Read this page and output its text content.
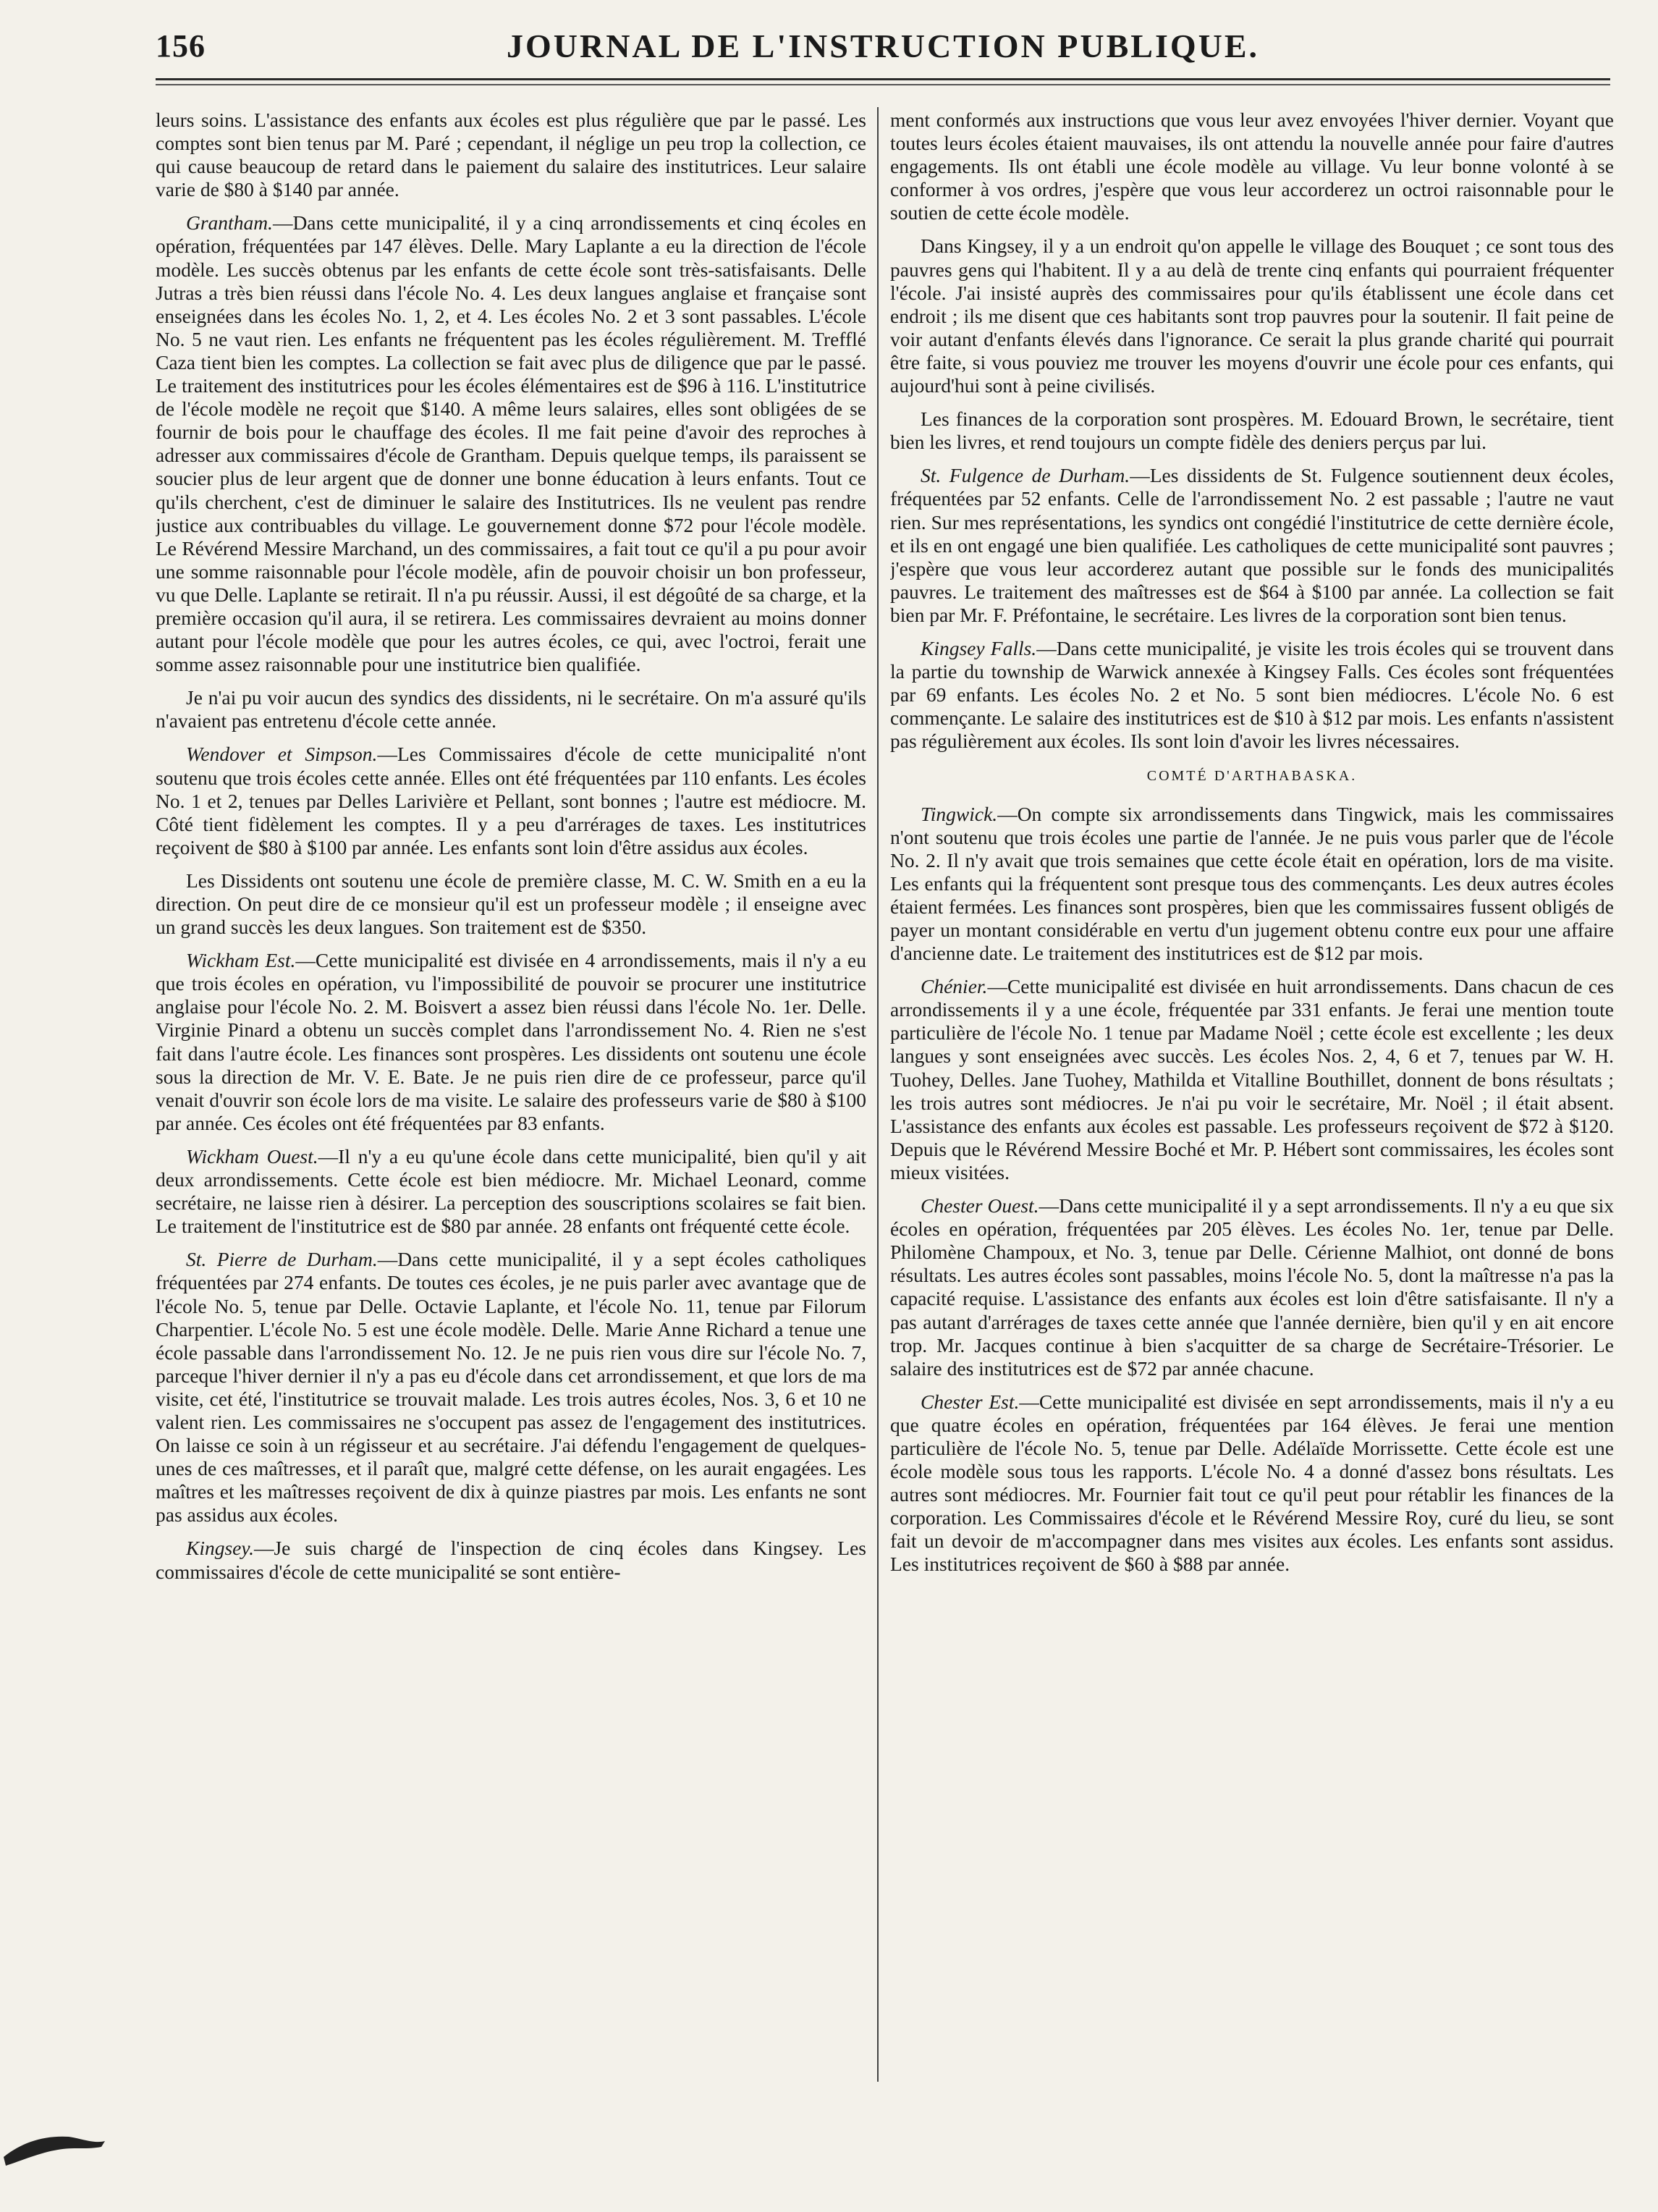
156	JOURNAL DE L'INSTRUCTION PUBLIQUE.

leurs soins. L'assistance des enfants aux écoles est plus régulière que par le passé. Les comptes sont bien tenus par M. Paré ; cependant, il néglige un peu trop la collection, ce qui cause beaucoup de retard dans le paiement du salaire des institutrices. Leur salaire varie de $80 à $140 par année.

Grantham.—Dans cette municipalité, il y a cinq arrondissements et cinq écoles en opération, fréquentées par 147 élèves. Delle. Mary Laplante a eu la direction de l'école modèle. Les succès obtenus par les enfants de cette école sont très-satisfaisants. Delle Jutras a très bien réussi dans l'école No. 4. Les deux langues anglaise et française sont enseignées dans les écoles No. 1, 2, et 4. Les écoles No. 2 et 3 sont passables. L'école No. 5 ne vaut rien. Les enfants ne fréquentent pas les écoles régulièrement. M. Trefflé Caza tient bien les comptes. La collection se fait avec plus de diligence que par le passé. Le traitement des institutrices pour les écoles élémentaires est de $96 à 116. L'institutrice de l'école modèle ne reçoit que $140. A même leurs salaires, elles sont obligées de se fournir de bois pour le chauffage des écoles. Il me fait peine d'avoir des reproches à adresser aux commissaires d'école de Grantham. Depuis quelque temps, ils paraissent se soucier plus de leur argent que de donner une bonne éducation à leurs enfants. Tout ce qu'ils cherchent, c'est de diminuer le salaire des Institutrices. Ils ne veulent pas rendre justice aux contribuables du village. Le gouvernement donne $72 pour l'école modèle. Le Révérend Messire Marchand, un des commissaires, a fait tout ce qu'il a pu pour avoir une somme raisonnable pour l'école modèle, afin de pouvoir choisir un bon professeur, vu que Delle. Laplante se retirait. Il n'a pu réussir. Aussi, il est dégoûté de sa charge, et la première occasion qu'il aura, il se retirera. Les commissaires devraient au moins donner autant pour l'école modèle que pour les autres écoles, ce qui, avec l'octroi, ferait une somme assez raisonnable pour une institutrice bien qualifiée.

Je n'ai pu voir aucun des syndics des dissidents, ni le secrétaire. On m'a assuré qu'ils n'avaient pas entretenu d'école cette année.

Wendover et Simpson.—Les Commissaires d'école de cette municipalité n'ont soutenu que trois écoles cette année. Elles ont été fréquentées par 110 enfants. Les écoles No. 1 et 2, tenues par Delles Larivière et Pellant, sont bonnes ; l'autre est médiocre. M. Côté tient fidèlement les comptes. Il y a peu d'arrérages de taxes. Les institutrices reçoivent de $80 à $100 par année. Les enfants sont loin d'être assidus aux écoles.

Les Dissidents ont soutenu une école de première classe, M. C. W. Smith en a eu la direction. On peut dire de ce monsieur qu'il est un professeur modèle ; il enseigne avec un grand succès les deux langues. Son traitement est de $350.

Wickham Est.—Cette municipalité est divisée en 4 arrondissements, mais il n'y a eu que trois écoles en opération, vu l'impossibilité de pouvoir se procurer une institutrice anglaise pour l'école No. 2. M. Boisvert a assez bien réussi dans l'école No. 1er. Delle. Virginie Pinard a obtenu un succès complet dans l'arrondissement No. 4. Rien ne s'est fait dans l'autre école. Les finances sont prospères. Les dissidents ont soutenu une école sous la direction de Mr. V. E. Bate. Je ne puis rien dire de ce professeur, parce qu'il venait d'ouvrir son école lors de ma visite. Le salaire des professeurs varie de $80 à $100 par année. Ces écoles ont été fréquentées par 83 enfants.

Wickham Ouest.—Il n'y a eu qu'une école dans cette municipalité, bien qu'il y ait deux arrondissements. Cette école est bien médiocre. Mr. Michael Leonard, comme secrétaire, ne laisse rien à désirer. La perception des souscriptions scolaires se fait bien. Le traitement de l'institutrice est de $80 par année. 28 enfants ont fréquenté cette école.

St. Pierre de Durham.—Dans cette municipalité, il y a sept écoles catholiques fréquentées par 274 enfants. De toutes ces écoles, je ne puis parler avec avantage que de l'école No. 5, tenue par Delle. Octavie Laplante, et l'école No. 11, tenue par Filorum Charpentier. L'école No. 5 est une école modèle. Delle. Marie Anne Richard a tenue une école passable dans l'arrondissement No. 12. Je ne puis rien vous dire sur l'école No. 7, parceque l'hiver dernier il n'y a pas eu d'école dans cet arrondissement, et que lors de ma visite, cet été, l'institutrice se trouvait malade. Les trois autres écoles, Nos. 3, 6 et 10 ne valent rien. Les commissaires ne s'occupent pas assez de l'engagement des institutrices. On laisse ce soin à un régisseur et au secrétaire. J'ai défendu l'engagement de quelques-unes de ces maîtresses, et il paraît que, malgré cette défense, on les aurait engagées. Les maîtres et les maîtresses reçoivent de dix à quinze piastres par mois. Les enfants ne sont pas assidus aux écoles.

Kingsey.—Je suis chargé de l'inspection de cinq écoles dans Kingsey. Les commissaires d'école de cette municipalité se sont entière-

ment conformés aux instructions que vous leur avez envoyées l'hiver dernier. Voyant que toutes leurs écoles étaient mauvaises, ils ont attendu la nouvelle année pour faire d'autres engagements. Ils ont établi une école modèle au village. Vu leur bonne volonté à se conformer à vos ordres, j'espère que vous leur accorderez un octroi raisonnable pour le soutien de cette école modèle.

Dans Kingsey, il y a un endroit qu'on appelle le village des Bouquet ; ce sont tous des pauvres gens qui l'habitent. Il y a au delà de trente cinq enfants qui pourraient fréquenter l'école. J'ai insisté auprès des commissaires pour qu'ils établissent une école dans cet endroit ; ils me disent que ces habitants sont trop pauvres pour la soutenir. Il fait peine de voir autant d'enfants élevés dans l'ignorance. Ce serait la plus grande charité qui pourrait être faite, si vous pouviez me trouver les moyens d'ouvrir une école pour ces enfants, qui aujourd'hui sont à peine civilisés.

Les finances de la corporation sont prospères. M. Edouard Brown, le secrétaire, tient bien les livres, et rend toujours un compte fidèle des deniers perçus par lui.

St. Fulgence de Durham.—Les dissidents de St. Fulgence soutiennent deux écoles, fréquentées par 52 enfants. Celle de l'arrondissement No. 2 est passable ; l'autre ne vaut rien. Sur mes représentations, les syndics ont congédié l'institutrice de cette dernière école, et ils en ont engagé une bien qualifiée. Les catholiques de cette municipalité sont pauvres ; j'espère que vous leur accorderez autant que possible sur le fonds des municipalités pauvres. Le traitement des maîtresses est de $64 à $100 par année. La collection se fait bien par Mr. F. Préfontaine, le secrétaire. Les livres de la corporation sont bien tenus.

Kingsey Falls.—Dans cette municipalité, je visite les trois écoles qui se trouvent dans la partie du township de Warwick annexée à Kingsey Falls. Ces écoles sont fréquentées par 69 enfants. Les écoles No. 2 et No. 5 sont bien médiocres. L'école No. 6 est commençante. Le salaire des institutrices est de $10 à $12 par mois. Les enfants n'assistent pas régulièrement aux écoles. Ils sont loin d'avoir les livres nécessaires.

COMTÉ D'ARTHABASKA.

Tingwick.—On compte six arrondissements dans Tingwick, mais les commissaires n'ont soutenu que trois écoles une partie de l'année. Je ne puis vous parler que de l'école No. 2. Il n'y avait que trois semaines que cette école était en opération, lors de ma visite. Les enfants qui la fréquentent sont presque tous des commençants. Les deux autres écoles étaient fermées. Les finances sont prospères, bien que les commissaires fussent obligés de payer un montant considérable en vertu d'un jugement obtenu contre eux pour une affaire d'ancienne date. Le traitement des institutrices est de $12 par mois.

Chénier.—Cette municipalité est divisée en huit arrondissements. Dans chacun de ces arrondissements il y a une école, fréquentée par 331 enfants. Je ferai une mention toute particulière de l'école No. 1 tenue par Madame Noël ; cette école est excellente ; les deux langues y sont enseignées avec succès. Les écoles Nos. 2, 4, 6 et 7, tenues par W. H. Tuohey, Delles. Jane Tuohey, Mathilda et Vitalline Bouthillet, donnent de bons résultats ; les trois autres sont médiocres. Je n'ai pu voir le secrétaire, Mr. Noël ; il était absent. L'assistance des enfants aux écoles est passable. Les professeurs reçoivent de $72 à $120. Depuis que le Révérend Messire Boché et Mr. P. Hébert sont commissaires, les écoles sont mieux visitées.

Chester Ouest.—Dans cette municipalité il y a sept arrondissements. Il n'y a eu que six écoles en opération, fréquentées par 205 élèves. Les écoles No. 1er, tenue par Delle. Philomène Champoux, et No. 3, tenue par Delle. Cérienne Malhiot, ont donné de bons résultats. Les autres écoles sont passables, moins l'école No. 5, dont la maîtresse n'a pas la capacité requise. L'assistance des enfants aux écoles est loin d'être satisfaisante. Il n'y a pas autant d'arrérages de taxes cette année que l'année dernière, bien qu'il y en ait encore trop. Mr. Jacques continue à bien s'acquitter de sa charge de Secrétaire-Trésorier. Le salaire des institutrices est de $72 par année chacune.

Chester Est.—Cette municipalité est divisée en sept arrondissements, mais il n'y a eu que quatre écoles en opération, fréquentées par 164 élèves. Je ferai une mention particulière de l'école No. 5, tenue par Delle. Adélaïde Morrissette. Cette école est une école modèle sous tous les rapports. L'école No. 4 a donné d'assez bons résultats. Les autres sont médiocres. Mr. Fournier fait tout ce qu'il peut pour rétablir les finances de la corporation. Les Commissaires d'école et le Révérend Messire Roy, curé du lieu, se sont fait un devoir de m'accompagner dans mes visites aux écoles. Les enfants sont assidus. Les institutrices reçoivent de $60 à $88 par année.
